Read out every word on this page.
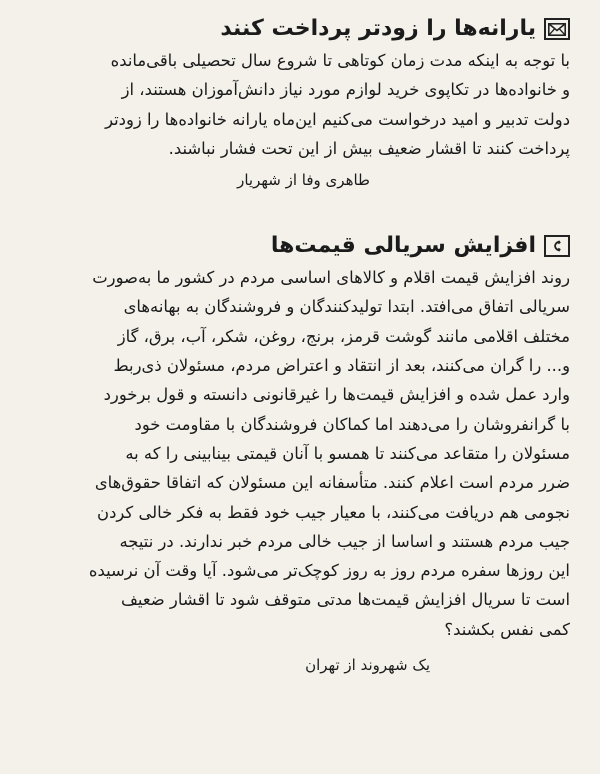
یارانه‌ها را زودتر پرداخت کنند

با توجه به اینکه مدت زمان کوتاهی تا شروع سال تحصیلی باقی‌مانده
و خانواده‌ها در تکاپوی خرید لوازم مورد نیاز دانش‌آموزان هستند، از
دولت تدبیر و امید درخواست می‌کنیم این‌ماه یارانه خانواده‌ها را زودتر
پرداخت کنند تا اقشار ضعیف بیش از این تحت فشار نباشند.

طاهری وفا از شهریار
افزایش سریالی قیمت‌ها

روند افزایش قیمت اقلام و کالاهای اساسی مردم در کشور ما به‌صورت
سریالی اتفاق می‌افتد. ابتدا تولیدکنندگان و فروشندگان به بهانه‌های
مختلف اقلامی مانند گوشت قرمز، برنج، روغن، شکر، آب، برق، گاز
و... را گران می‌کنند، بعد از انتقاد و اعتراض مردم، مسئولان ذی‌ربط
وارد عمل شده و افزایش قیمت‌ها را غیرقانونی دانسته و قول برخورد
با گرانفروشان را می‌دهند اما کماکان فروشندگان با مقاومت خود
مسئولان را متقاعد می‌کنند تا همسو با آنان قیمتی بینابینی را که به
ضرر مردم است اعلام کنند. متأسفانه این مسئولان که اتفاقا حقوق‌های
نجومی هم دریافت می‌کنند، با معیار جیب خود فقط به فکر خالی کردن
جیب مردم هستند و اساسا از جیب خالی مردم خبر ندارند. در نتیجه
این روزها سفره مردم روز به روز کوچک‌تر می‌شود. آیا وقت آن نرسیده
است تا سریال افزایش قیمت‌ها مدتی متوقف شود تا اقشار ضعیف
کمی نفس بکشند؟

یک شهروند از تهران
